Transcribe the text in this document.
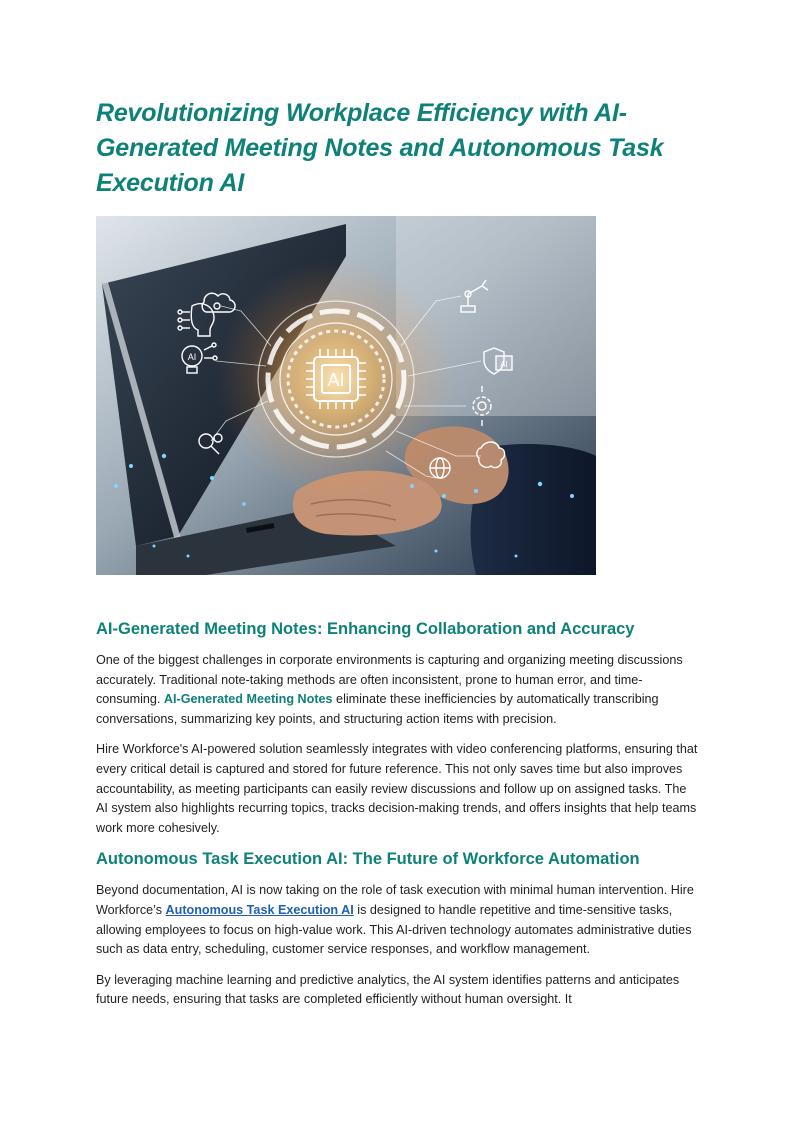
Revolutionizing Workplace Efficiency with AI-Generated Meeting Notes and Autonomous Task Execution AI
AI
AI
AI
AI-Generated Meeting Notes: Enhancing Collaboration and Accuracy

One of the biggest challenges in corporate environments is capturing and organizing meeting discussions accurately. Traditional note-taking methods are often inconsistent, prone to human error, and time-consuming. AI-Generated Meeting Notes eliminate these inefficiencies by automatically transcribing conversations, summarizing key points, and structuring action items with precision.

Hire Workforce's AI-powered solution seamlessly integrates with video conferencing platforms, ensuring that every critical detail is captured and stored for future reference. This not only saves time but also improves accountability, as meeting participants can easily review discussions and follow up on assigned tasks. The AI system also highlights recurring topics, tracks decision-making trends, and offers insights that help teams work more cohesively.

Autonomous Task Execution AI: The Future of Workforce Automation

Beyond documentation, AI is now taking on the role of task execution with minimal human intervention. Hire Workforce’s Autonomous Task Execution AI is designed to handle repetitive and time-sensitive tasks, allowing employees to focus on high-value work. This AI-driven technology automates administrative duties such as data entry, scheduling, customer service responses, and workflow management.

By leveraging machine learning and predictive analytics, the AI system identifies patterns and anticipates future needs, ensuring that tasks are completed efficiently without human oversight. It
